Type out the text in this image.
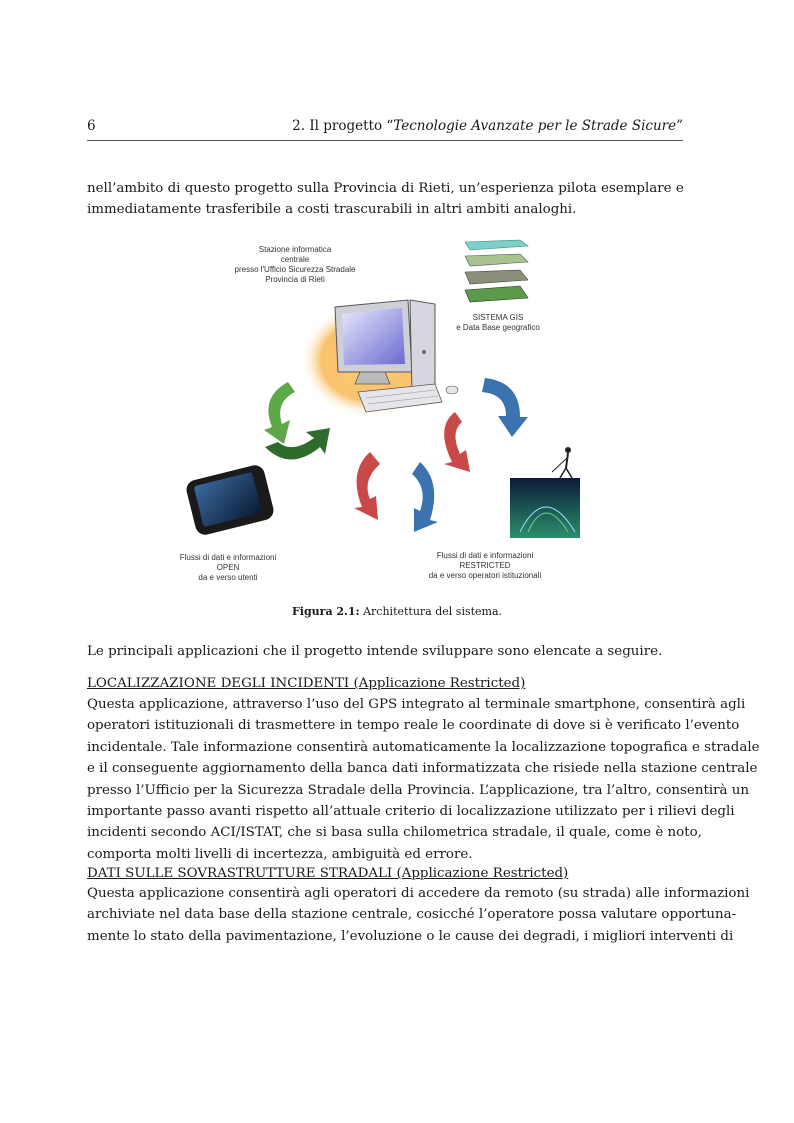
6	2. Il progetto “Tecnologie Avanzate per le Strade Sicure”
nell’ambito di questo progetto sulla Provincia di Rieti, un’esperienza pilota esemplare e
immediatamente trasferibile a costi trascurabili in altri ambiti analoghi.
Stazione informatica
centrale
presso l'Ufficio Sicurezza Stradale
Provincia di Rieti
SISTEMA GIS
e Data Base geografico
Flussi di dati e informazioni
OPEN
da e verso utenti
Flussi di dati e informazioni
RESTRICTED
da e verso operatori istituzionali
Figura 2.1: Architettura del sistema.
Le principali applicazioni che il progetto intende sviluppare sono elencate a seguire.
LOCALIZZAZIONE DEGLI INCIDENTI (Applicazione Restricted)
Questa applicazione, attraverso l’uso del GPS integrato al terminale smartphone, consentirà agli
operatori istituzionali di trasmettere in tempo reale le coordinate di dove si è verificato l’evento
incidentale. Tale informazione consentirà automaticamente la localizzazione topografica e stradale
e il conseguente aggiornamento della banca dati informatizzata che risiede nella stazione centrale
presso l’Ufficio per la Sicurezza Stradale della Provincia. L’applicazione, tra l’altro, consentirà un
importante passo avanti rispetto all’attuale criterio di localizzazione utilizzato per i rilievi degli
incidenti secondo ACI/ISTAT, che si basa sulla chilometrica stradale, il quale, come è noto,
comporta molti livelli di incertezza, ambiguità ed errore.
DATI SULLE SOVRASTRUTTURE STRADALI (Applicazione Restricted)
Questa applicazione consentirà agli operatori di accedere da remoto (su strada) alle informazioni
archiviate nel data base della stazione centrale, cosicché l’operatore possa valutare opportuna-
mente lo stato della pavimentazione, l’evoluzione o le cause dei degradi, i migliori interventi di
